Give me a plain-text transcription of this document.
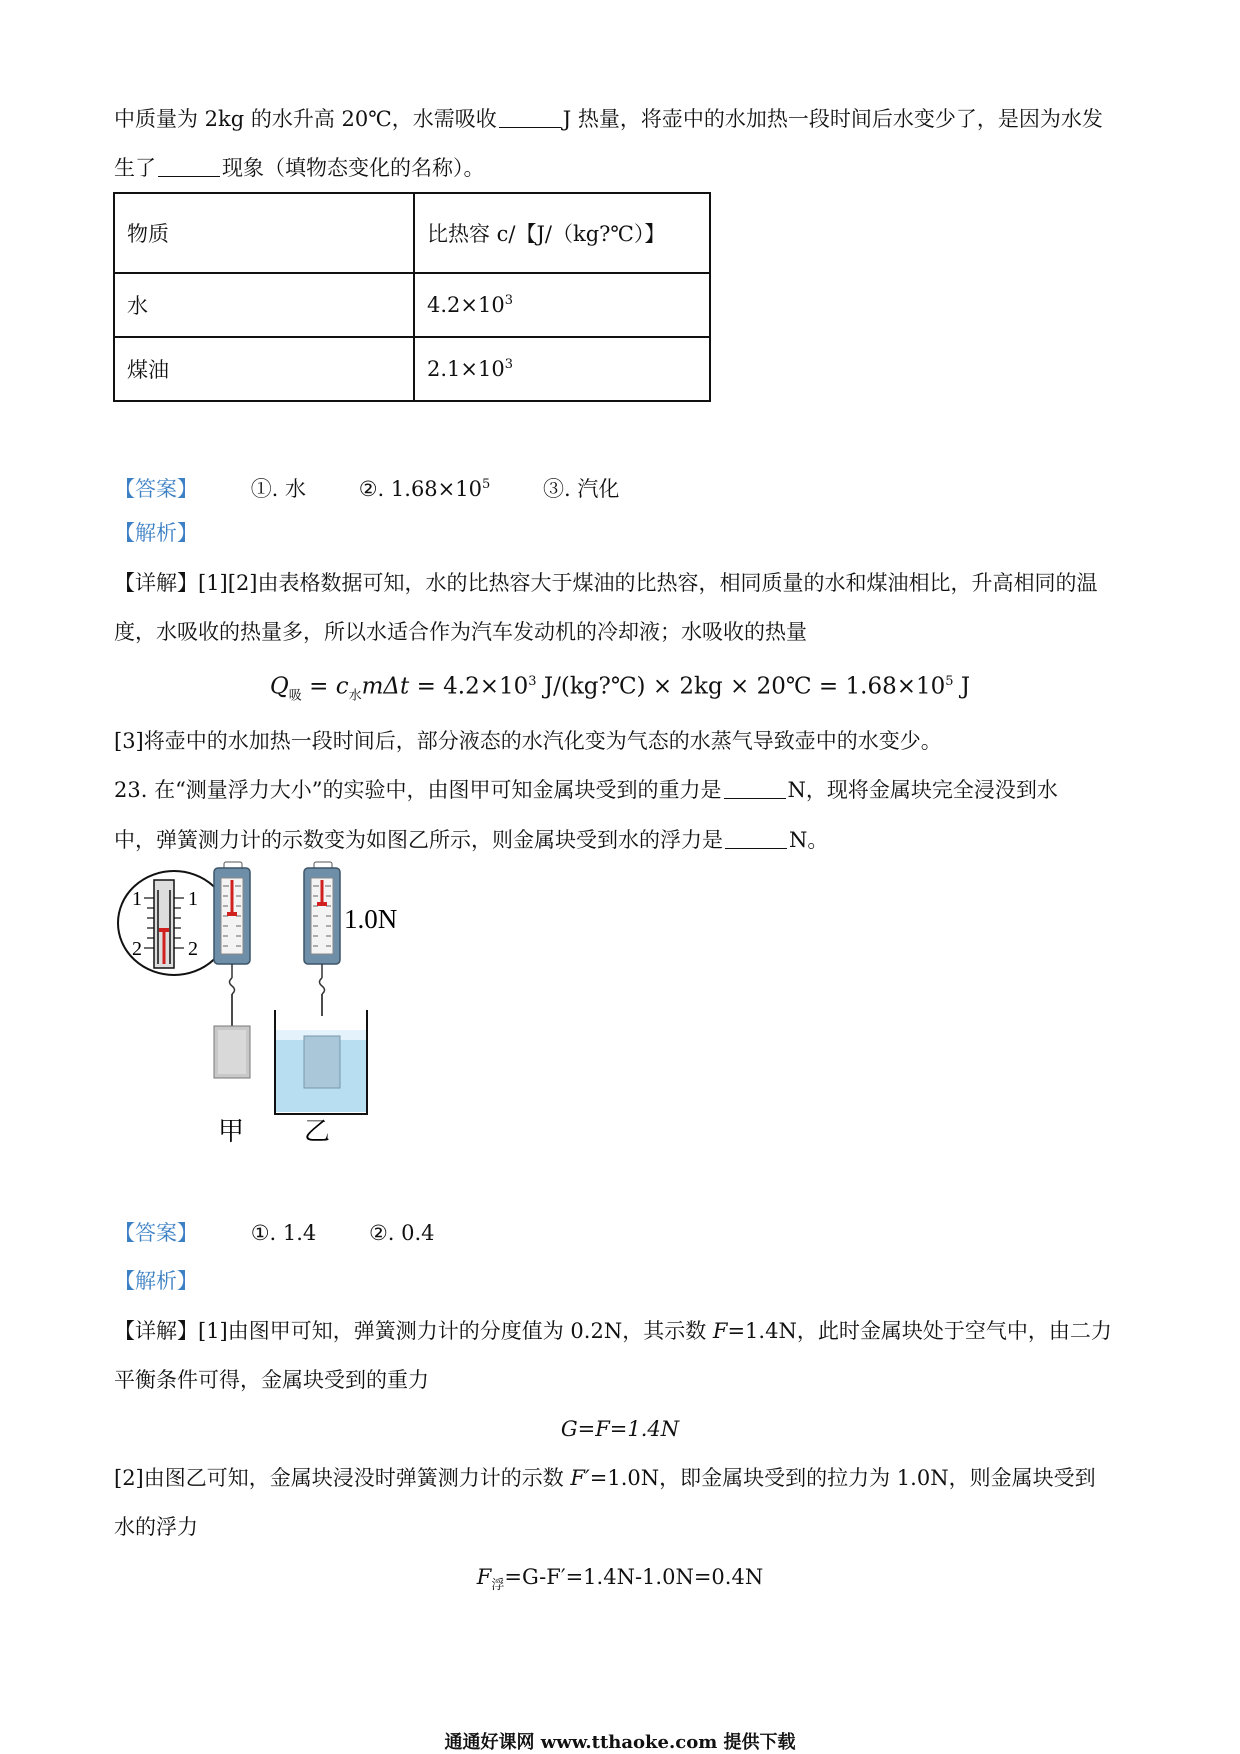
中质量为 2kg 的水升高 20℃，水需吸收	J 热量，将壶中的水加热一段时间后水变少了，是因为水发
生了	现象（填物态变化的名称）。
物质	比热容 c/【J/（kg?℃）】
水	$4.2\times 10^3$
煤油	$2.1\times 10^3$
【答案】	①. 水	②. $1.68\times 10^5$	③. 汽化
【解析】
【详解】[1][2]由表格数据可知，水的比热容大于煤油的比热容，相同质量的水和煤油相比，升高相同的温
度，水吸收的热量多，所以水适合作为汽车发动机的冷却液；水吸收的热量
$Q_吸 = c_水m\Delta t = 4.2\times 10^3$ J/(kg?℃) × 2kg × 20℃ = $1.68\times 10^5$ J
[3]将壶中的水加热一段时间后，部分液态的水汽化变为气态的水蒸气导致壶中的水变少。
23. 在“测量浮力大小”的实验中，由图甲可知金属块受到的重力是	N，现将金属块完全浸没到水
中，弹簧测力计的示数变为如图乙所示，则金属块受到水的浮力是	N。
1 1
2 2
甲
1.0N
乙
【答案】	①. 1.4	②. 0.4
【解析】
【详解】[1]由图甲可知，弹簧测力计的分度值为 0.2N，其示数 F=1.4N，此时金属块处于空气中，由二力
平衡条件可得，金属块受到的重力
G=F=1.4N
[2]由图乙可知，金属块浸没时弹簧测力计的示数 F′=1.0N，即金属块受到的拉力为 1.0N，则金属块受到
水的浮力
$F_浮=G-F'=1.4N-1.0N=0.4N$
通通好课网 www.tthaoke.com 提供下载
